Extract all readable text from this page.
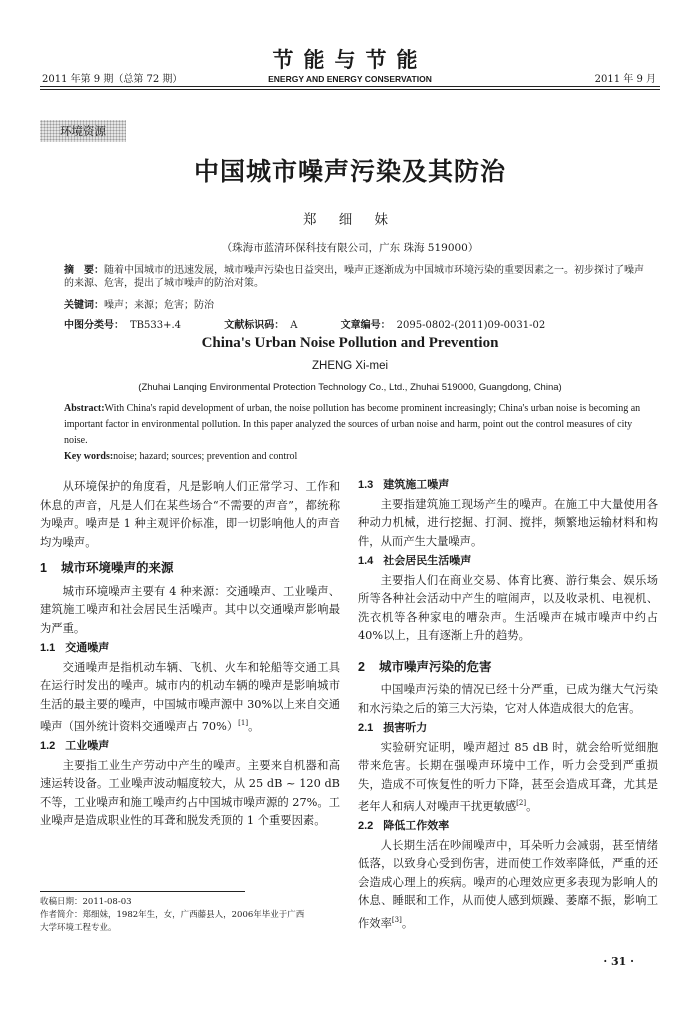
2011 年第 9 期（总第 72 期）
节能与节能
ENERGY AND ENERGY CONSERVATION	2011 年 9 月
环境资源
中国城市噪声污染及其防治
郑 细 妹
（珠海市蓝清环保科技有限公司，广东 珠海 519000）
摘　要：随着中国城市的迅速发展，城市噪声污染也日益突出，噪声正逐渐成为中国城市环境污染的重要因素之一。初步探讨了噪声的来源、危害，提出了城市噪声的防治对策。
关键词：噪声；来源；危害；防治
中图分类号： TB533+.4	文献标识码： A	文章编号： 2095-0802-(2011)09-0031-02
China's Urban Noise Pollution and Prevention
ZHENG Xi-mei
(Zhuhai Lanqing Environmental Protection Technology Co., Ltd., Zhuhai 519000, Guangdong, China)
Abstract:With China's rapid development of urban, the noise pollution has become prominent increasingly; China's urban noise is becoming an important factor in environmental pollution. In this paper analyzed the sources of urban noise and harm, point out the control measures of city noise.
Key words:noise; hazard; sources; prevention and control

从环境保护的角度看，凡是影响人们正常学习、工作和休息的声音，凡是人们在某些场合“不需要的声音”，都统称为噪声。噪声是 1 种主观评价标准，即一切影响他人的声音均为噪声。

1 城市环境噪声的来源

城市环境噪声主要有 4 种来源：交通噪声、工业噪声、建筑施工噪声和社会居民生活噪声。其中以交通噪声影响最为严重。

1.1 交通噪声

交通噪声是指机动车辆、飞机、火车和轮船等交通工具在运行时发出的噪声。城市内的机动车辆的噪声是影响城市生活的最主要的噪声，中国城市噪声源中 30%以上来自交通噪声（国外统计资料交通噪声占 70%）[1]。

1.2 工业噪声

主要指工业生产劳动中产生的噪声。主要来自机器和高速运转设备。工业噪声波动幅度较大，从 25 dB ~ 120 dB 不等，工业噪声和施工噪声约占中国城市噪声源的 27%。工业噪声是造成职业性的耳聋和脱发秃顶的 1 个重要因素。

1.3 建筑施工噪声

主要指建筑施工现场产生的噪声。在施工中大量使用各种动力机械，进行挖掘、打洞、搅拌，频繁地运输材料和构件，从而产生大量噪声。

1.4 社会居民生活噪声

主要指人们在商业交易、体育比赛、游行集会、娱乐场所等各种社会活动中产生的喧闹声，以及收录机、电视机、洗衣机等各种家电的嘈杂声。生活噪声在城市噪声中约占 40%以上，且有逐渐上升的趋势。

2 城市噪声污染的危害

中国噪声污染的情况已经十分严重，已成为继大气污染和水污染之后的第三大污染，它对人体造成很大的危害。

2.1 损害听力

实验研究证明，噪声超过 85 dB 时，就会给听觉细胞带来危害。长期在强噪声环境中工作，听力会受到严重损失，造成不可恢复性的听力下降，甚至会造成耳聋，尤其是老年人和病人对噪声干扰更敏感[2]。

2.2 降低工作效率

人长期生活在吵闹噪声中，耳朵听力会减弱，甚至情绪低落，以致身心受到伤害，进而使工作效率降低，严重的还会造成心理上的疾病。噪声的心理效应更多表现为影响人的休息、睡眠和工作，从而使人感到烦躁、萎靡不振，影响工作效率[3]。

收稿日期：2011-08-03
作者简介：郑细妹，1982年生，女，广西藤县人，2006年毕业于广西大学环境工程专业。
· 31 ·
